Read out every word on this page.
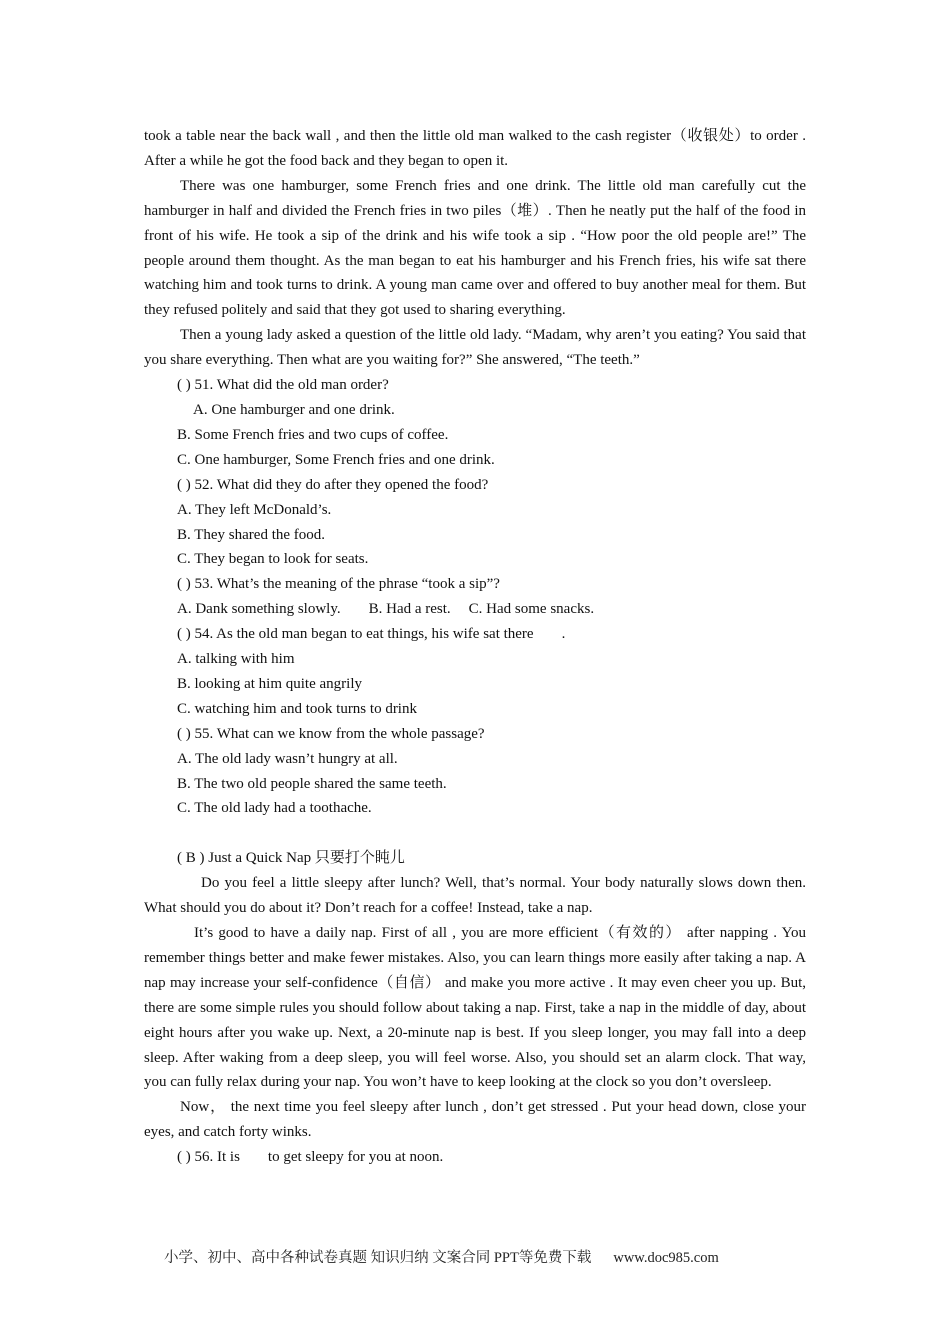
took a table near the back wall , and then the little old man walked to the cash register（收银处）to order . After a while he got the food back and they began to open it.

There was one hamburger, some French fries and one drink. The little old man carefully cut the hamburger in half and divided the French fries in two piles（堆）. Then he neatly put the half of the food in front of his wife. He took a sip of the drink and his wife took a sip . “How poor the old people are!” The people around them thought. As the man began to eat his hamburger and his French fries, his wife sat there watching him and took turns to drink. A young man came over and offered to buy another meal for them. But they refused politely and said that they got used to sharing everything.

Then a young lady asked a question of the little old lady. “Madam, why aren’t you eating? You said that you share everything. Then what are you waiting for?” She answered, “The teeth.”

( ) 51. What did the old man order?

A. One hamburger and one drink.

B. Some French fries and two cups of coffee.

C. One hamburger, Some French fries and one drink.

( ) 52. What did they do after they opened the food?

A. They left McDonald’s.

B. They shared the food.

C. They began to look for seats.

( ) 53. What’s the meaning of the phrase “took a sip”?

A. Dank something slowly. B. Had a rest. C. Had some snacks.

( ) 54. As the old man began to eat things, his wife sat there .

A. talking with him

B. looking at him quite angrily

C. watching him and took turns to drink

( ) 55. What can we know from the whole passage?

A. The old lady wasn’t hungry at all.

B. The two old people shared the same teeth.

C. The old lady had a toothache.

( B ) Just a Quick Nap 只要打个盹儿

Do you feel a little sleepy after lunch? Well, that’s normal. Your body naturally slows down then. What should you do about it? Don’t reach for a coffee! Instead, take a nap.

It’s good to have a daily nap. First of all , you are more efficient（有效的） after napping . You remember things better and make fewer mistakes. Also, you can learn things more easily after taking a nap. A nap may increase your self-confidence（自信） and make you more active . It may even cheer you up. But, there are some simple rules you should follow about taking a nap. First, take a nap in the middle of day, about eight hours after you wake up. Next, a 20-minute nap is best. If you sleep longer, you may fall into a deep sleep. After waking from a deep sleep, you will feel worse. Also, you should set an alarm clock. That way, you can fully relax during your nap. You won’t have to keep looking at the clock so you don’t oversleep.

Now， the next time you feel sleepy after lunch , don’t get stressed . Put your head down, close your eyes, and catch forty winks.

( ) 56. It is to get sleepy for you at noon.

小学、初中、高中各种试卷真题 知识归纳 文案合同 PPT等免费下载 www.doc985.com
